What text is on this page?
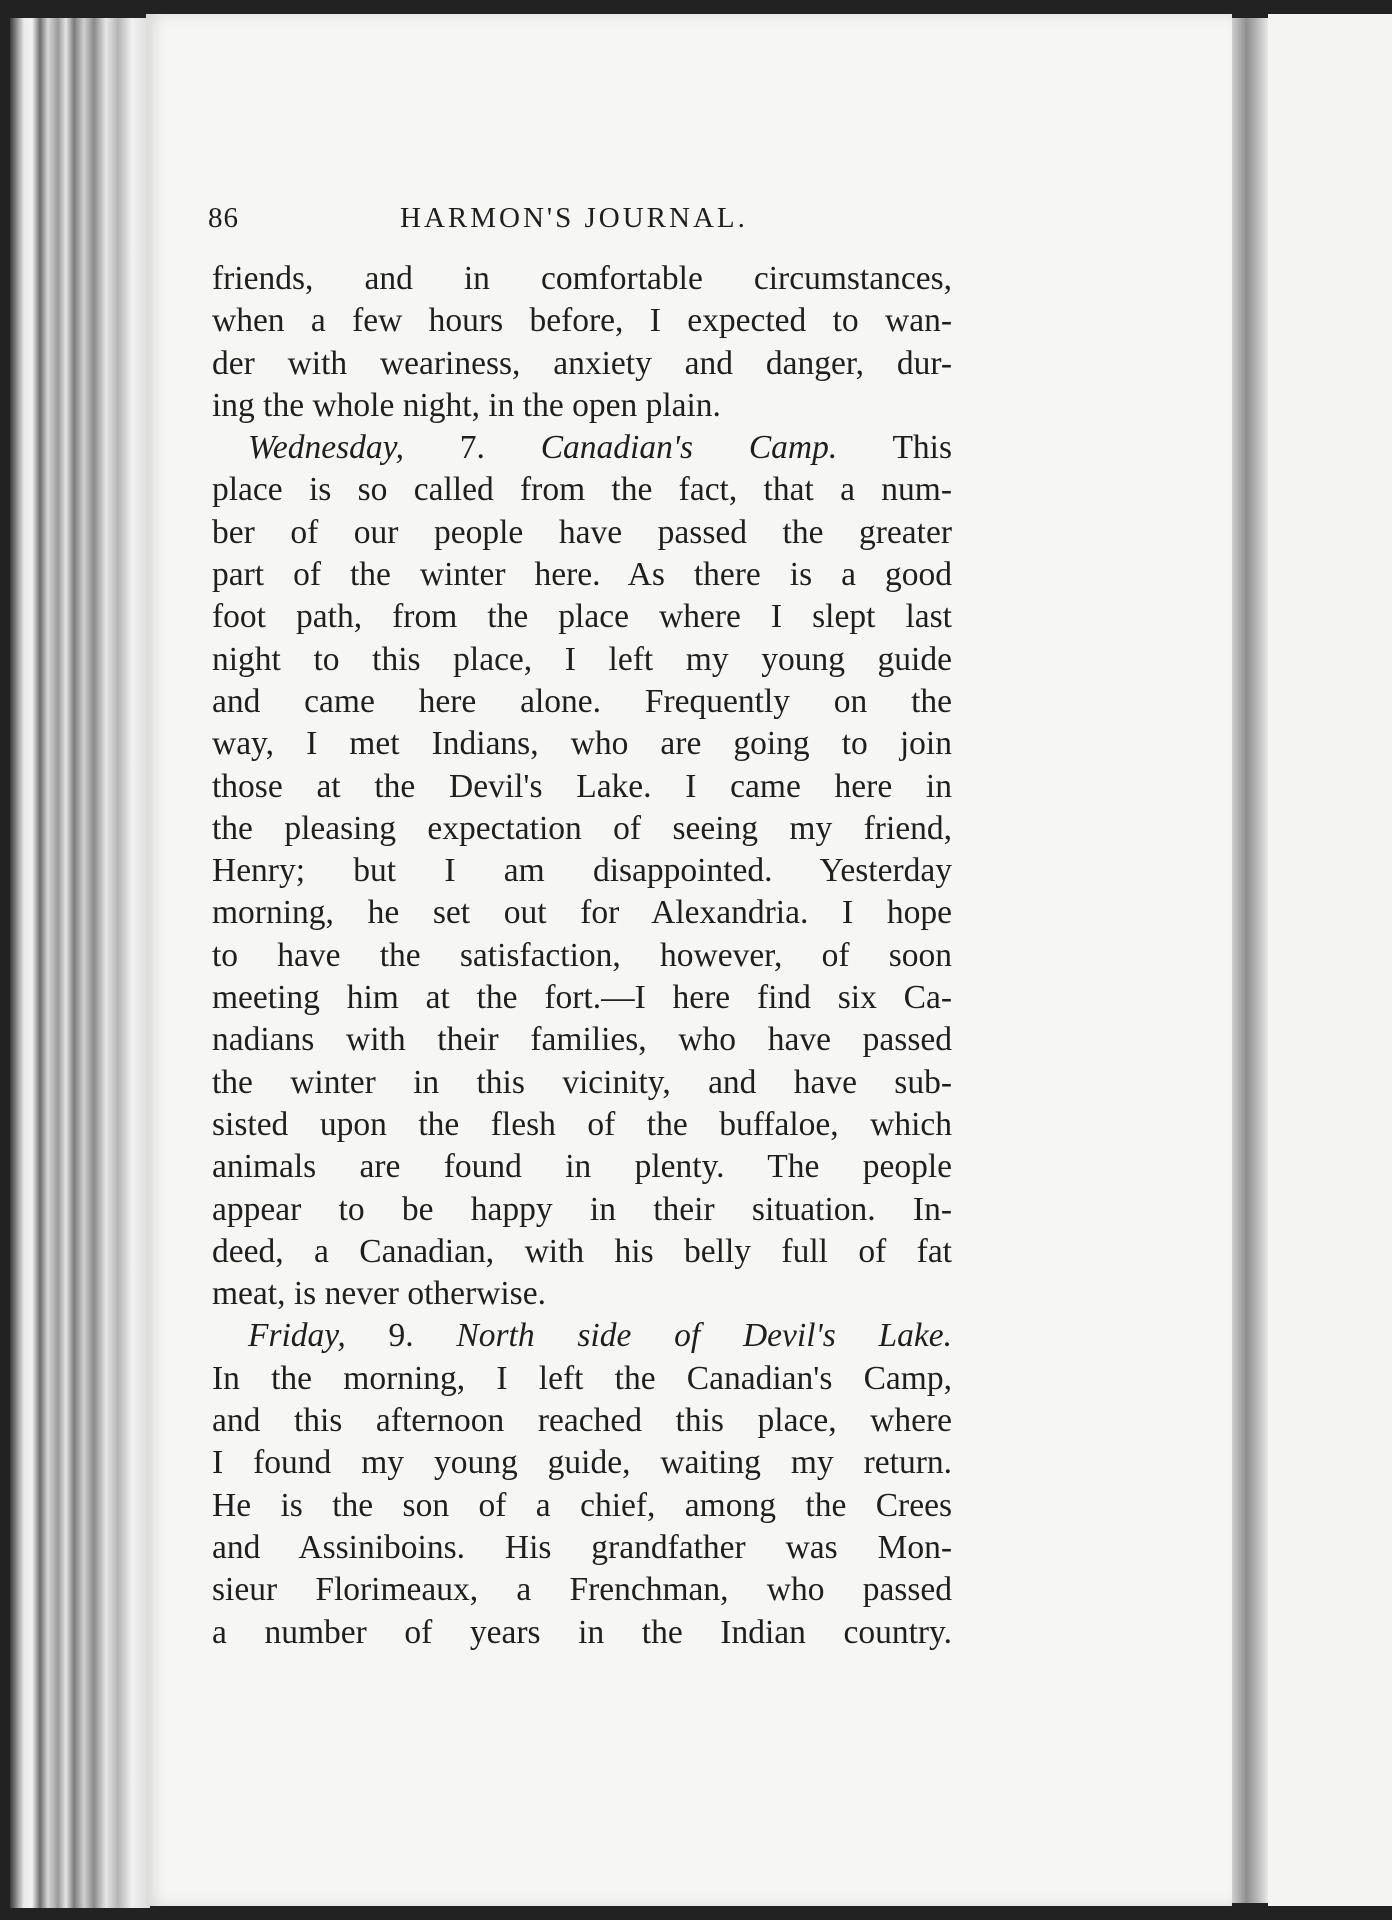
86	HARMON'S JOURNAL.
friends, and in comfortable circumstances,
when a few hours before, I expected to wan-
der with weariness, anxiety and danger, dur-
ing the whole night, in the open plain.
Wednesday, 7. Canadian's Camp. This
place is so called from the fact, that a num-
ber of our people have passed the greater
part of the winter here. As there is a good
foot path, from the place where I slept last
night to this place, I left my young guide
and came here alone. Frequently on the
way, I met Indians, who are going to join
those at the Devil's Lake. I came here in
the pleasing expectation of seeing my friend,
Henry; but I am disappointed. Yesterday
morning, he set out for Alexandria. I hope
to have the satisfaction, however, of soon
meeting him at the fort.—I here find six Ca-
nadians with their families, who have passed
the winter in this vicinity, and have sub-
sisted upon the flesh of the buffaloe, which
animals are found in plenty. The people
appear to be happy in their situation. In-
deed, a Canadian, with his belly full of fat
meat, is never otherwise.
Friday, 9. North side of Devil's Lake.
In the morning, I left the Canadian's Camp,
and this afternoon reached this place, where
I found my young guide, waiting my return.
He is the son of a chief, among the Crees
and Assiniboins. His grandfather was Mon-
sieur Florimeaux, a Frenchman, who passed
a number of years in the Indian country.
